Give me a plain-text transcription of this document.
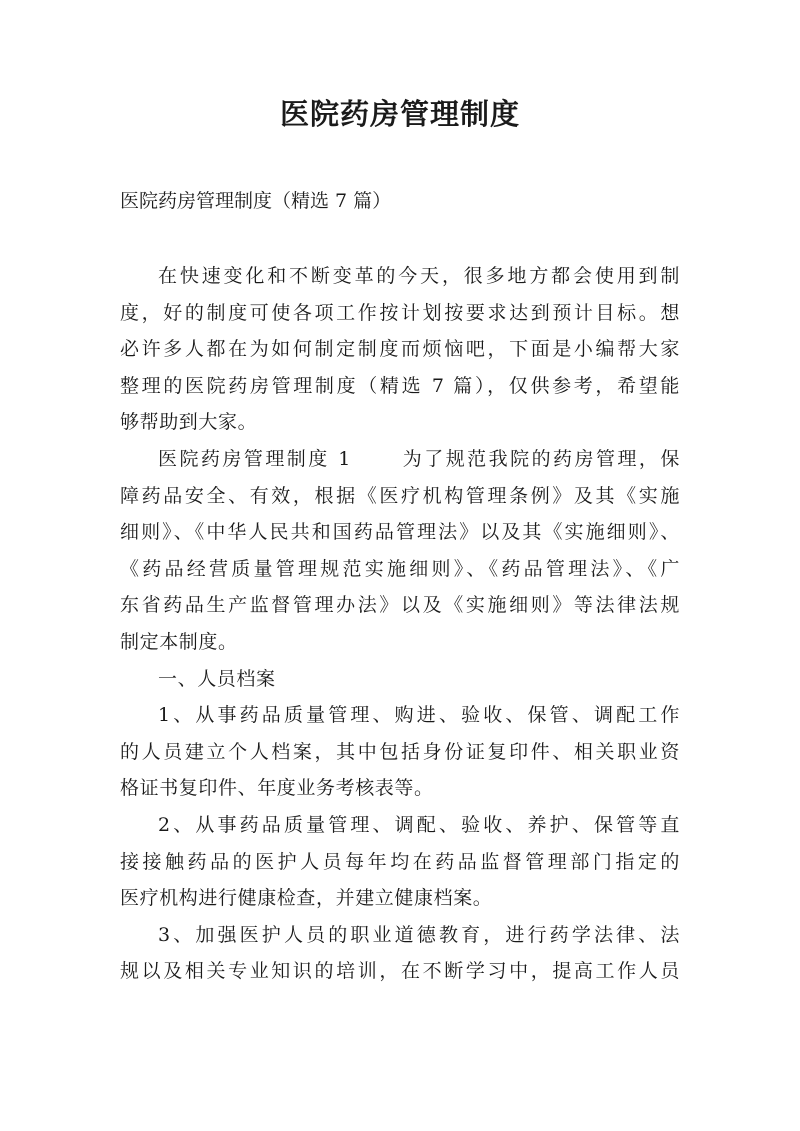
医院药房管理制度

医院药房管理制度（精选 7 篇）

在快速变化和不断变革的今天，很多地方都会使用到制
度，好的制度可使各项工作按计划按要求达到预计目标。想
必许多人都在为如何制定制度而烦恼吧，下面是小编帮大家
整理的医院药房管理制度（精选 7 篇），仅供参考，希望能
够帮助到大家。

医院药房管理制度 1	为了规范我院的药房管理，保
障药品安全、有效，根据《医疗机构管理条例》及其《实施
细则》、《中华人民共和国药品管理法》以及其《实施细则》、
《药品经营质量管理规范实施细则》、《药品管理法》、《广
东省药品生产监督管理办法》以及《实施细则》等法律法规
制定本制度。

一、人员档案

1、从事药品质量管理、购进、验收、保管、调配工作
的人员建立个人档案，其中包括身份证复印件、相关职业资
格证书复印件、年度业务考核表等。

2、从事药品质量管理、调配、验收、养护、保管等直
接接触药品的医护人员每年均在药品监督管理部门指定的
医疗机构进行健康检查，并建立健康档案。

3、加强医护人员的职业道德教育，进行药学法律、法
规以及相关专业知识的培训，在不断学习中，提高工作人员
